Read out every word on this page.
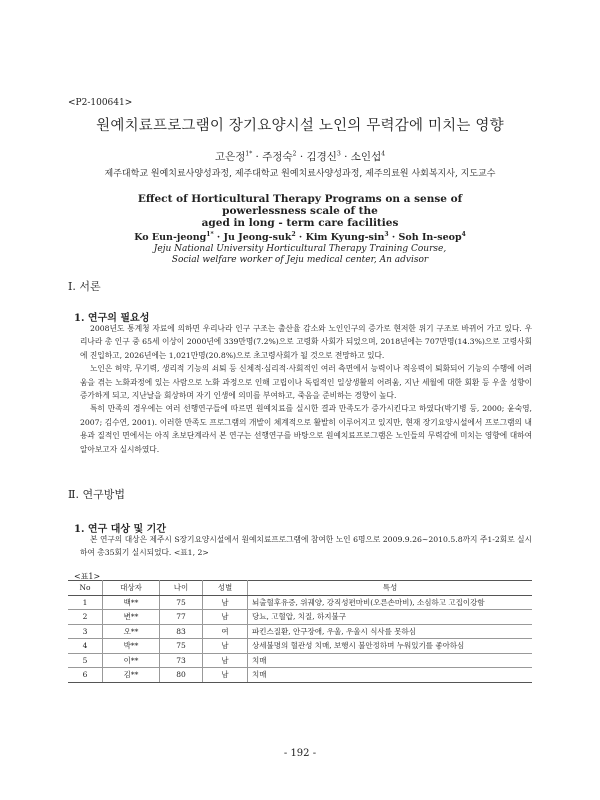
<P2-100641>
원예치료프로그램이 장기요양시설 노인의 무력감에 미치는 영향
고은정$^{1*}$ · 주정숙$^2$ · 김경신$^3$ · 소인섭$^4$
제주대학교 원예치료사양성과정, 제주대학교 원예치료사양성과정, 제주의료원 사회복지사, 지도교수
Effect of Horticultural Therapy Programs on a sense of powerlessness scale of the
aged in long - term care facilities
Ko Eun-jeong$^{1*}$ · Ju Jeong-suk$^2$ · Kim Kyung-$\sin^3$ · Soh In-seop$^4$
Jeju National University Horticultural Therapy Training Course,
Social welfare worker of Jeju medical center, An advisor
Ⅰ. 서론
1. 연구의 필요성

2008년도 통계청 자료에 의하면 우리나라 인구 구조는 출산율 감소와 노인인구의 증가로 현저한 위기 구조로 바뀌어 가고 있다. 우리나라 총 인구 중 65세 이상이 2000년에 339만명(7.2%)으로 고령화 사회가 되었으며, 2018년에는 707만명(14.3%)으로 고령사회에 진입하고, 2026년에는 1,021만명(20.8%)으로 초고령사회가 될 것으로 전망하고 있다.

노인은 허약, 무기력, 생리적 기능의 쇠퇴 등 신체적·심리적·사회적인 여러 측면에서 능력이나 적응력이 퇴화되어 기능의 수행에 어려움을 겪는 노화과정에 있는 사람으로 노화 과정으로 인해 고립이나 독립적인 일상생활의 어려움, 지난 세월에 대한 회환 등 우울 성향이 증가하게 되고, 지난날을 회상하며 자기 인생에 의미를 부여하고, 죽음을 준비하는 경향이 높다.

특히 만족의 경우에는 여러 선행연구들에 따르면 원예치료를 실시한 결과 만족도가 증가시킨다고 하였다(박기병 등, 2000; 윤숙영, 2007; 김수연, 2001). 이러한 만족도 프로그램의 개발이 체계적으로 활발히 이루어지고 있지만, 현재 장기요양시설에서 프로그램의 내용과 질적인 면에서는 아직 초보단계라서 본 연구는 선행연구를 바탕으로 원예치료프로그램은 노인들의 무력감에 미치는 영향에 대하여 알아보고자 실시하였다.

Ⅱ. 연구방법
1. 연구 대상 및 기간

본 연구의 대상은 제주시 S장기요양시설에서 원예치료프로그램에 참여한 노인 6명으로 2009.9.26~2010.5.8까지 주1-2회로 실시하여 총35회기 실시되었다. <표1, 2>

<표1>
No	대상자	나이	성별	특성
1	백**	75	남	뇌출혈후유증, 위궤양, 강직성편마비(오른손마비), 소심하고 고집이강함
2	변**	77	남	당뇨, 고혈압, 치질, 하지불구
3	오**	83	여	파킨스질환, 안구장애, 우울, 우울시 식사를 못하심
4	박**	75	남	상세불명의 혈관성 치매, 보행시 불안정하며 누워있기를 좋아하심
5	이**	73	남	치매
6	김**	80	남	치매
- 192 -
